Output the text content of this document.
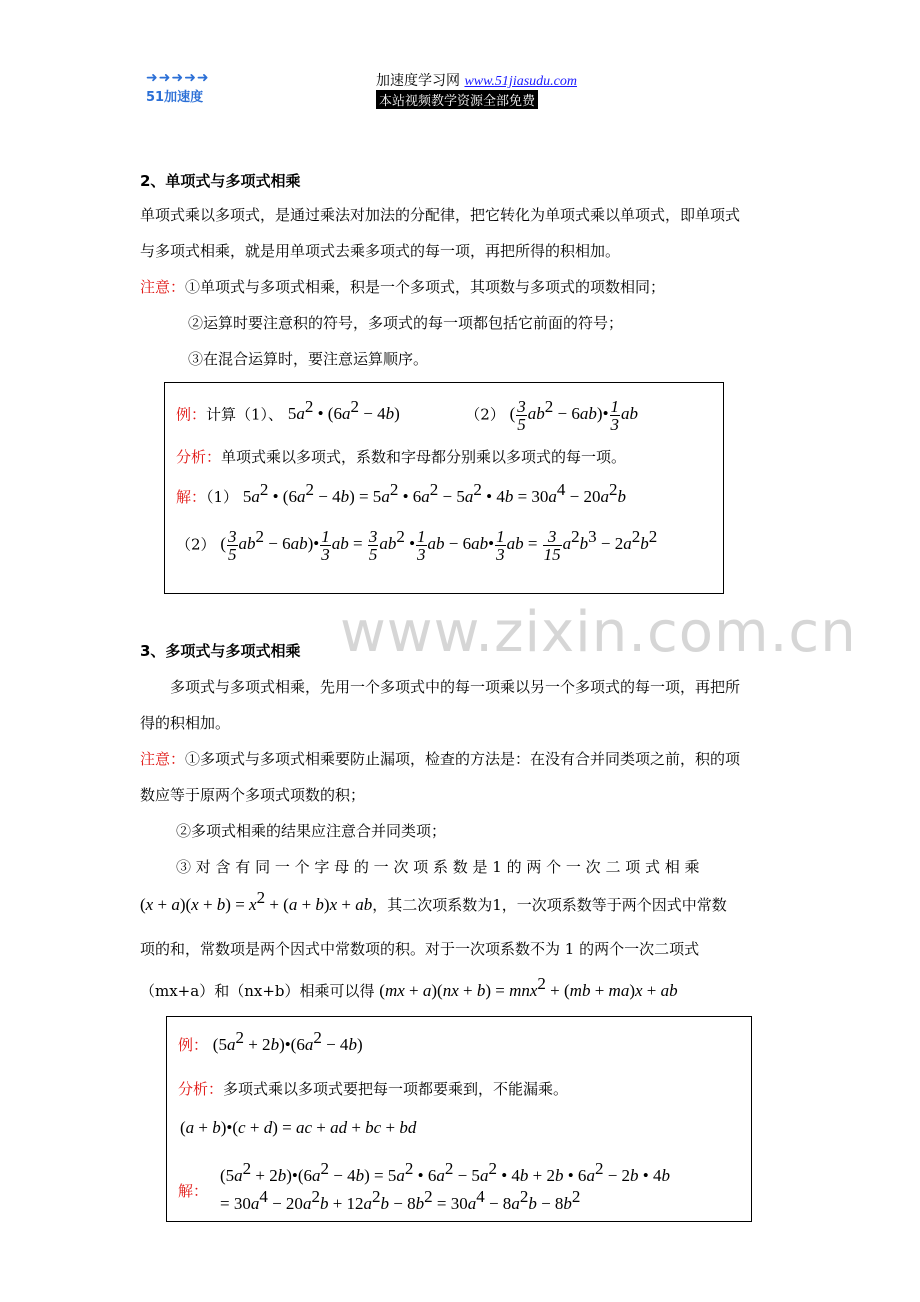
➜➜➜➜➜
51加速度
加速度学习网 www.51jiasudu.com
本站视频教学资源全部免费
www.zixin.com.cn
2、单项式与多项式相乘
单项式乘以多项式，是通过乘法对加法的分配律，把它转化为单项式乘以单项式，即单项式
与多项式相乘，就是用单项式去乘多项式的每一项，再把所得的积相加。
注意：①单项式与多项式相乘，积是一个多项式，其项数与多项式的项数相同；
②运算时要注意积的符号，多项式的每一项都包括它前面的符号；
③在混合运算时，要注意运算顺序。
例：计算（1）、 $5a^2$ • $(6a^2 - 4b)$	（2） ( $\frac{3}{5} ab^2$ − 6ab)• $\frac{1}{3}$ ab
分析：单项式乘以多项式，系数和字母都分别乘以多项式的每一项。
解：（1） $5a^2$ • $(6a^2 - 4b) = 5a^2$ • $6a^2 - 5a^2$ • $4b = 30a^4 - 20a^2b$
（2） ( $\frac{3}{5} ab^2$ − 6ab)• $\frac{1}{3}$ ab = $\frac{3}{5} ab^2$ • $\frac{1}{3}$ ab − 6ab• $\frac{1}{3}$ ab = $\frac{3}{15} a^2b^3 - 2a^2b^2$
3、多项式与多项式相乘
多项式与多项式相乘，先用一个多项式中的每一项乘以另一个多项式的每一项，再把所
得的积相加。
注意：①多项式与多项式相乘要防止漏项，检查的方法是：在没有合并同类项之前，积的项
数应等于原两个多项式项数的积；
②多项式相乘的结果应注意合并同类项；
③ 对 含 有 同 一 个 字 母 的 一 次 项 系 数 是 1 的 两 个 一 次 二 项 式 相 乘
$(x + a)(x + b) = x^2 + (a + b)x$ + ab，其二次项系数为1，一次项系数等于两个因式中常数
项的和，常数项是两个因式中常数项的积。对于一次项系数不为 1 的两个一次二项式
（mx+a）和（nx+b）相乘可以得 (mx + a)(nx + b) = mnx$^2$ + (mb + ma)x + ab
例： ($5a^2$ + $2b)•(6a^2 - 4b)$
分析：多项式乘以多项式要把每一项都要乘到，不能漏乘。
(a + b)•(c + d) = ac + ad + bc + bd
解：
($5a^2$ + $2b)•(6a^2 - 4b) = 5a^2$ • $6a^2 - 5a^2$ • 4b + 2b • $6a^2 - 2b$ • 4b
= $30a^4 - 20a^2b + 12a^2b - 8b^2 = 30a^4 - 8a^2b - 8b^2$
